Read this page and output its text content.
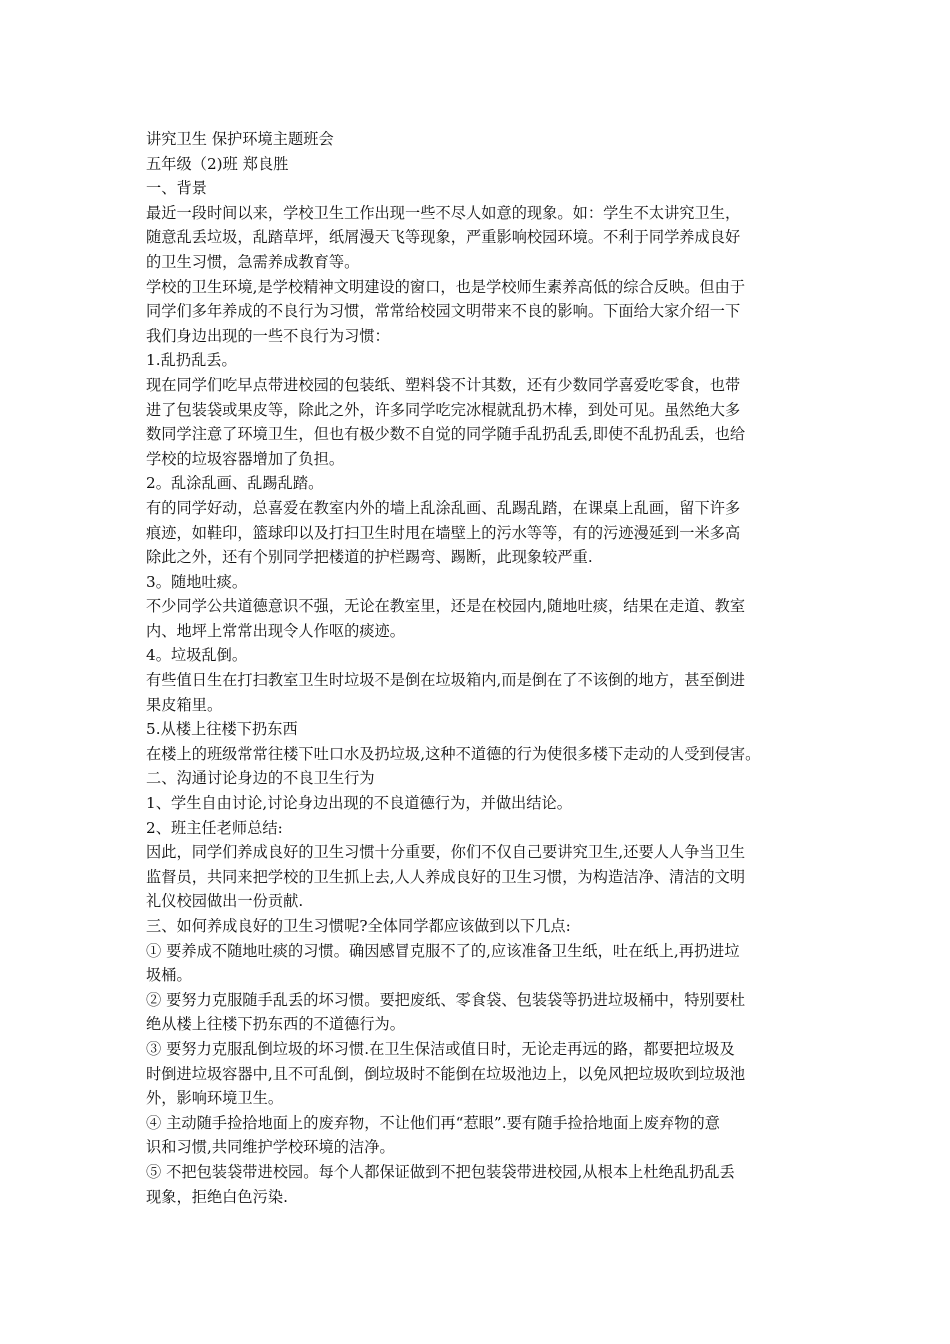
讲究卫生 保护环境主题班会
五年级（2)班 郑良胜
一、背景
最近一段时间以来，学校卫生工作出现一些不尽人如意的现象。如：学生不太讲究卫生，
随意乱丢垃圾，乱踏草坪，纸屑漫天飞等现象，严重影响校园环境。不利于同学养成良好
的卫生习惯，急需养成教育等。
学校的卫生环境,是学校精神文明建设的窗口，也是学校师生素养高低的综合反映。但由于
同学们多年养成的不良行为习惯，常常给校园文明带来不良的影响。下面给大家介绍一下
我们身边出现的一些不良行为习惯：
1.乱扔乱丢。
现在同学们吃早点带进校园的包装纸、塑料袋不计其数，还有少数同学喜爱吃零食，也带
进了包装袋或果皮等，除此之外，许多同学吃完冰棍就乱扔木棒，到处可见。虽然绝大多
数同学注意了环境卫生，但也有极少数不自觉的同学随手乱扔乱丢,即使不乱扔乱丢，也给
学校的垃圾容器增加了负担。
2。乱涂乱画、乱踢乱踏。
有的同学好动，总喜爱在教室内外的墙上乱涂乱画、乱踢乱踏，在课桌上乱画，留下许多
痕迹，如鞋印，篮球印以及打扫卫生时甩在墙壁上的污水等等，有的污迹漫延到一米多高
除此之外，还有个别同学把楼道的护栏踢弯、踢断，此现象较严重.
3。随地吐痰。
不少同学公共道德意识不强，无论在教室里，还是在校园内,随地吐痰，结果在走道、教室
内、地坪上常常出现令人作呕的痰迹。
4。垃圾乱倒。
有些值日生在打扫教室卫生时垃圾不是倒在垃圾箱内,而是倒在了不该倒的地方，甚至倒进
果皮箱里。
5.从楼上往楼下扔东西
在楼上的班级常常往楼下吐口水及扔垃圾,这种不道德的行为使很多楼下走动的人受到侵害。
二、沟通讨论身边的不良卫生行为
1、学生自由讨论,讨论身边出现的不良道德行为，并做出结论。
2、班主任老师总结:
因此，同学们养成良好的卫生习惯十分重要，你们不仅自己要讲究卫生,还要人人争当卫生
监督员，共同来把学校的卫生抓上去,人人养成良好的卫生习惯，为构造洁净、清洁的文明
礼仪校园做出一份贡献.
三、如何养成良好的卫生习惯呢?全体同学都应该做到以下几点:
① 要养成不随地吐痰的习惯。确因感冒克服不了的,应该准备卫生纸，吐在纸上,再扔进垃
圾桶。
② 要努力克服随手乱丢的坏习惯。要把废纸、零食袋、包装袋等扔进垃圾桶中，特别要杜
绝从楼上往楼下扔东西的不道德行为。
③ 要努力克服乱倒垃圾的坏习惯.在卫生保洁或值日时，无论走再远的路，都要把垃圾及
时倒进垃圾容器中,且不可乱倒，倒垃圾时不能倒在垃圾池边上，以免风把垃圾吹到垃圾池
外，影响环境卫生。
④ 主动随手捡拾地面上的废弃物，不让他们再“惹眼”.要有随手捡拾地面上废弃物的意
识和习惯,共同维护学校环境的洁净。
⑤ 不把包装袋带进校园。每个人都保证做到不把包装袋带进校园,从根本上杜绝乱扔乱丢
现象，拒绝白色污染.
